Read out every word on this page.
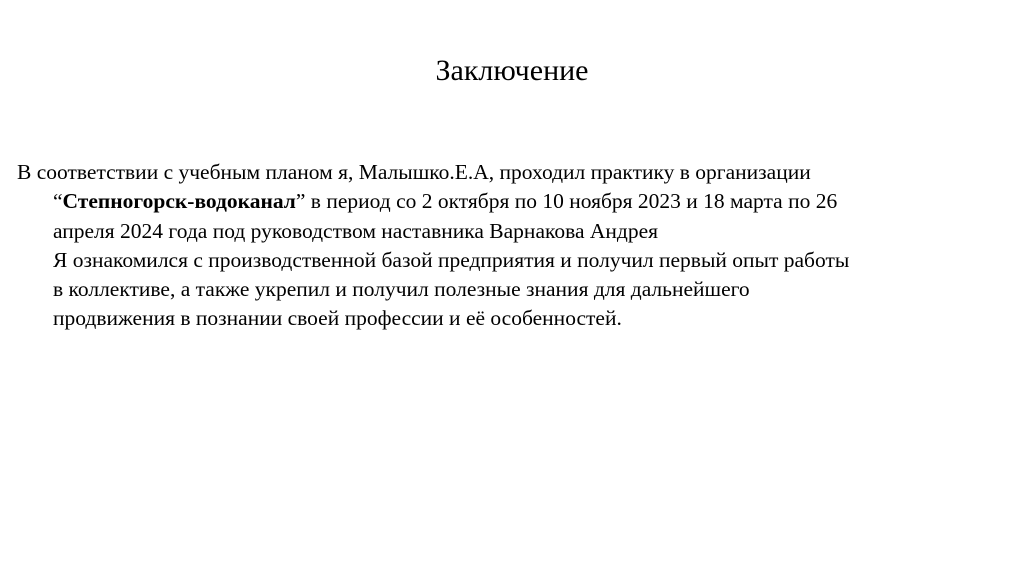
Заключение
В соответствии с учебным планом я, Малышко.Е.А, проходил практику в организации
“Степногорск-водоканал” в период со 2 октября по 10 ноября 2023 и 18 марта по 26
апреля 2024 года под руководством наставника Варнакова Андрея
Я ознакомился с производственной базой предприятия и получил первый опыт работы
в коллективе, а также укрепил и получил полезные знания для дальнейшего
продвижения в познании своей профессии и её особенностей.
